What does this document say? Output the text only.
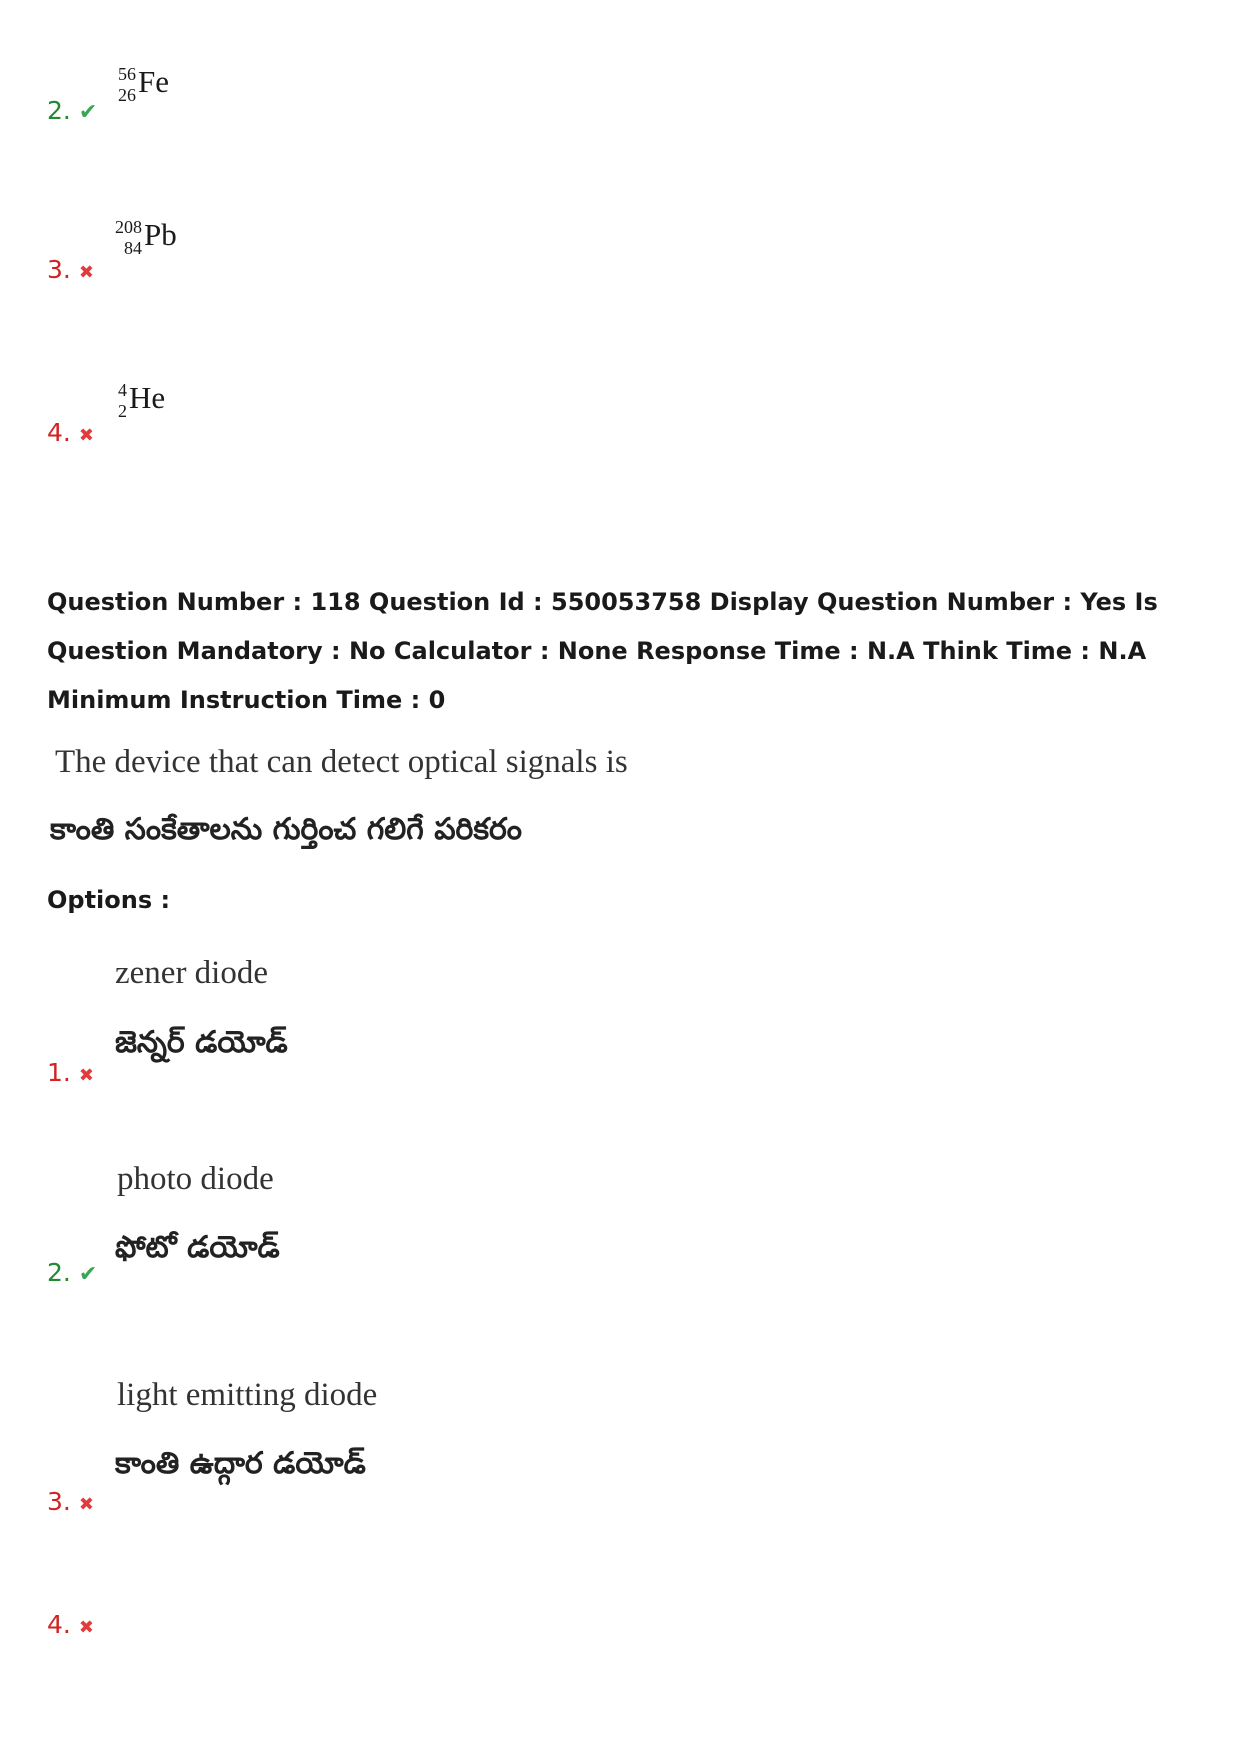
2. ✔
56
26 Fe
3. ✖
208
84 Pb
4. ✖
4
2 He

Question Number : 118 Question Id : 550053758 Display Question Number : Yes Is Question Mandatory : No Calculator : None Response Time : N.A Think Time : N.A Minimum Instruction Time : 0

The device that can detect optical signals is
కాంతి సంకేతాలను గుర్తించ గలిగే పరికరం

Options :

zener diode
జెన్నర్ డయోడ్
1. ✖
photo diode
ఫోటో డయోడ్
2. ✔
light emitting diode
కాంతి ఉద్గార డయోడ్
3. ✖
4. ✖
